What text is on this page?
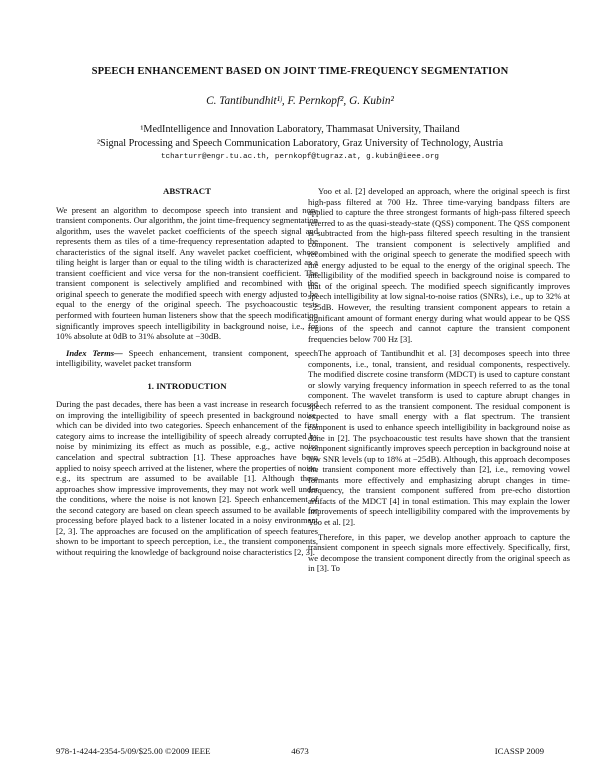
SPEECH ENHANCEMENT BASED ON JOINT TIME-FREQUENCY SEGMENTATION
C. Tantibundhit¹ʲ, F. Pernkopf², G. Kubin²
¹MedIntelligence and Innovation Laboratory, Thammasat University, Thailand
²Signal Processing and Speech Communication Laboratory, Graz University of Technology, Austria
tcharturr@engr.tu.ac.th, pernkopf@tugraz.at, g.kubin@ieee.org
ABSTRACT

We present an algorithm to decompose speech into transient and non-transient components. Our algorithm, the joint time-frequency segmentation algorithm, uses the wavelet packet coefficients of the speech signal and represents them as tiles of a time-frequency representation adapted to the characteristics of the signal itself. Any wavelet packet coefficient, whose tiling height is larger than or equal to the tiling width is characterized as a transient coefficient and vice versa for the non-transient coefficient. The transient component is selectively amplified and recombined with the original speech to generate the modified speech with energy adjusted to be equal to the energy of the original speech. The psychoacoustic tests performed with fourteen human listeners show that the speech modification significantly improves speech intelligibility in background noise, i.e., for 10% absolute at 0dB to 31% absolute at −30dB.

Index Terms— Speech enhancement, transient component, speech intelligibility, wavelet packet transform

1. INTRODUCTION

During the past decades, there has been a vast increase in research focused on improving the intelligibility of speech presented in background noise, which can be divided into two categories. Speech enhancement of the first category aims to increase the intelligibility of speech already corrupted by noise by minimizing its effect as much as possible, e.g., active noise cancelation and spectral subtraction [1]. These approaches have been applied to noisy speech arrived at the listener, where the properties of noise, e.g., its spectrum are assumed to be available [1]. Although these approaches show impressive improvements, they may not work well under the conditions, where the noise is not known [2]. Speech enhancement of the second category are based on clean speech assumed to be available for processing before played back to a listener located in a noisy environment [2, 3]. The approaches are focused on the amplification of speech features shown to be important to speech perception, i.e., the transient components, without requiring the knowledge of background noise characteristics [2, 3].

Yoo et al. [2] developed an approach, where the original speech is first high-pass filtered at 700 Hz. Three time-varying bandpass filters are applied to capture the three strongest formants of high-pass filtered speech referred to as the quasi-steady-state (QSS) component. The QSS component is subtracted from the high-pass filtered speech resulting in the transient component. The transient component is selectively amplified and recombined with the original speech to generate the modified speech with the energy adjusted to be equal to the energy of the original speech. The intelligibility of the modified speech in background noise is compared to that of the original speech. The modified speech significantly improves speech intelligibility at low signal-to-noise ratios (SNRs), i.e., up to 32% at −25dB. However, the resulting transient component appears to retain a significant amount of formant energy during what would appear to be QSS regions of the speech and cannot capture the transient component frequencies below 700 Hz [3].

The approach of Tantibundhit et al. [3] decomposes speech into three components, i.e., tonal, transient, and residual components, respectively. The modified discrete cosine transform (MDCT) is used to capture constant or slowly varying frequency information in speech referred to as the tonal component. The wavelet transform is used to capture abrupt changes in speech referred to as the transient component. The residual component is expected to have small energy with a flat spectrum. The transient component is used to enhance speech intelligibility in background noise as done in [2]. The psychoacoustic test results have shown that the transient component significantly improves speech perception in background noise at low SNR levels (up to 18% at −25dB). Although, this approach decomposes the transient component more effectively than [2], i.e., removing vowel formants more effectively and emphasizing abrupt changes in time-frequency, the transient component suffered from pre-echo distortion artifacts of the MDCT [4] in tonal estimation. This may explain the lower improvements of speech intelligibility compared with the improvements by Yoo et al. [2].

Therefore, in this paper, we develop another approach to capture the transient component in speech signals more effectively. Specifically, first, we decompose the transient component directly from the original speech as in [3]. To

978-1-4244-2354-5/09/$25.00 ©2009 IEEE	4673	ICASSP 2009
